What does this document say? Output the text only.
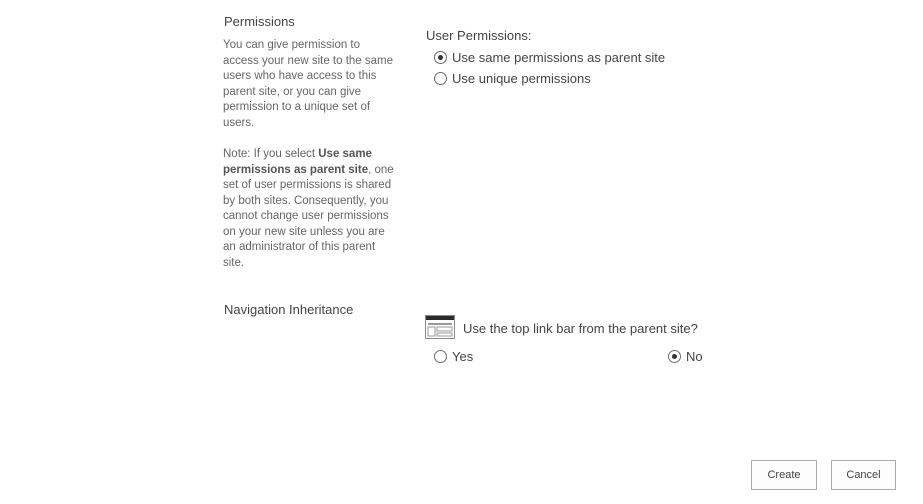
Permissions
You can give permission to access your new site to the same users who have access to this parent site, or you can give permission to a unique set of users.
Note: If you select Use same permissions as parent site, one set of user permissions is shared by both sites. Consequently, you cannot change user permissions on your new site unless you are an administrator of this parent site.
User Permissions:
Use same permissions as parent site
Use unique permissions
Navigation Inheritance
Use the top link bar from the parent site?
Yes	No
Create	Cancel
